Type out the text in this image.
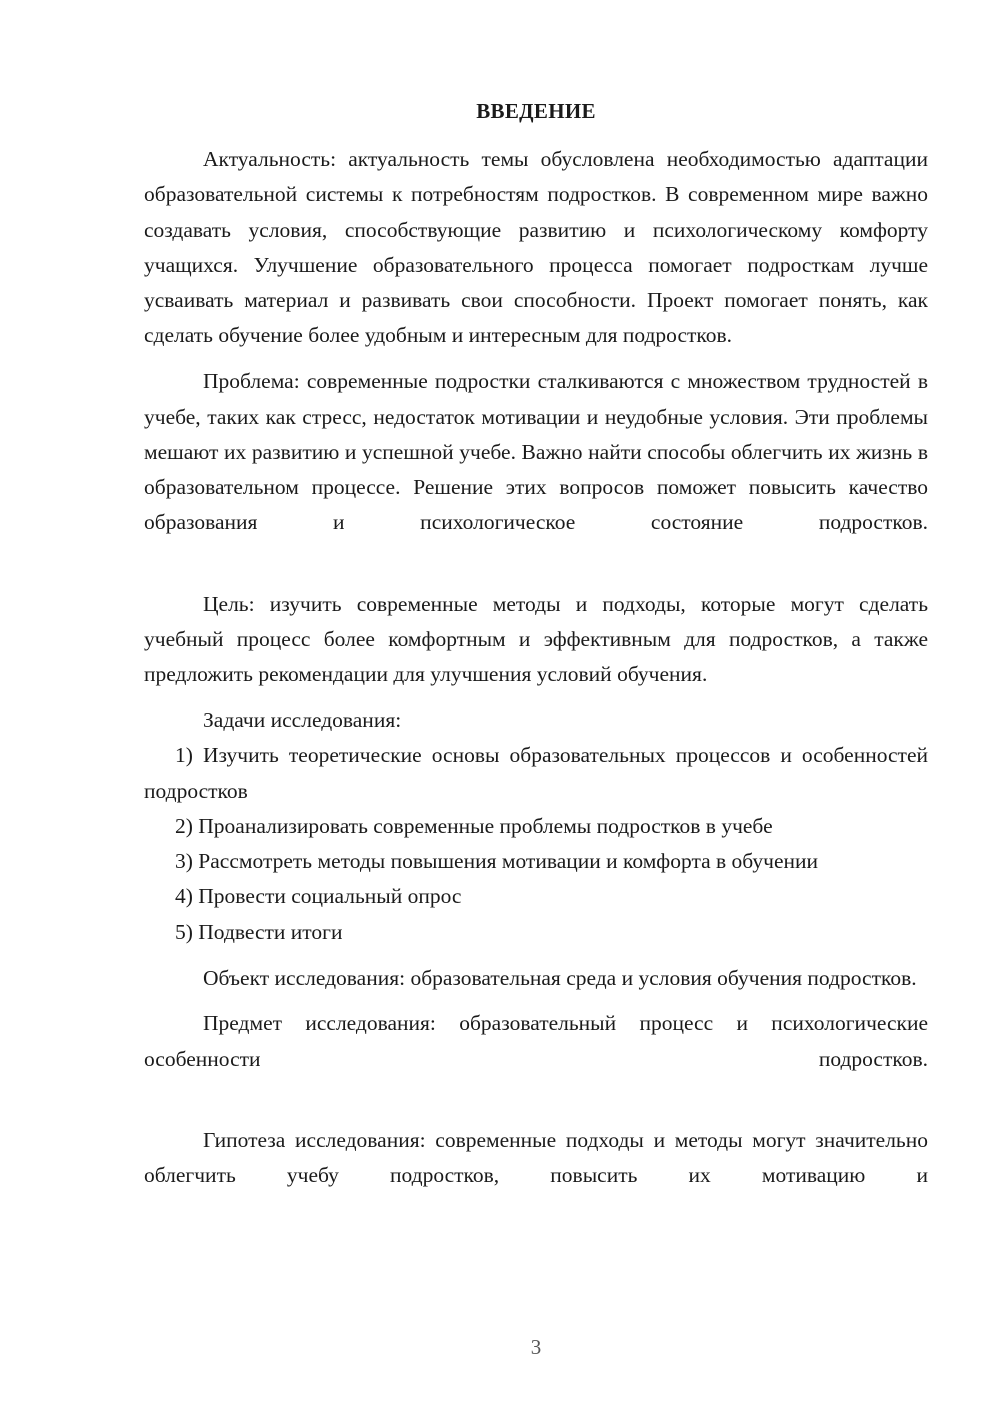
ВВЕДЕНИЕ

Актуальность: актуальность темы обусловлена необходимостью адаптации образовательной системы к потребностям подростков. В современном мире важно создавать условия, способствующие развитию и психологическому комфорту учащихся. Улучшение образовательного процесса помогает подросткам лучше усваивать материал и развивать свои способности. Проект помогает понять, как сделать обучение более удобным и интересным для подростков.

Проблема: современные подростки сталкиваются с множеством трудностей в учебе, таких как стресс, недостаток мотивации и неудобные условия. Эти проблемы мешают их развитию и успешной учебе. Важно найти способы облегчить их жизнь в образовательном процессе. Решение этих вопросов поможет повысить качество образования и психологическое состояние подростков.

Цель: изучить современные методы и подходы, которые могут сделать учебный процесс более комфортным и эффективным для подростков, а также предложить рекомендации для улучшения условий обучения.

Задачи исследования:

1) Изучить теоретические основы образовательных процессов и особенностей подростков

2) Проанализировать современные проблемы подростков в учебе

3) Рассмотреть методы повышения мотивации и комфорта в обучении

4) Провести социальный опрос

5) Подвести итоги

Объект исследования: образовательная среда и условия обучения подростков.

Предмет исследования: образовательный процесс и психологические особенности подростков.

Гипотеза исследования: современные подходы и методы могут значительно облегчить учебу подростков, повысить их мотивацию и

3
